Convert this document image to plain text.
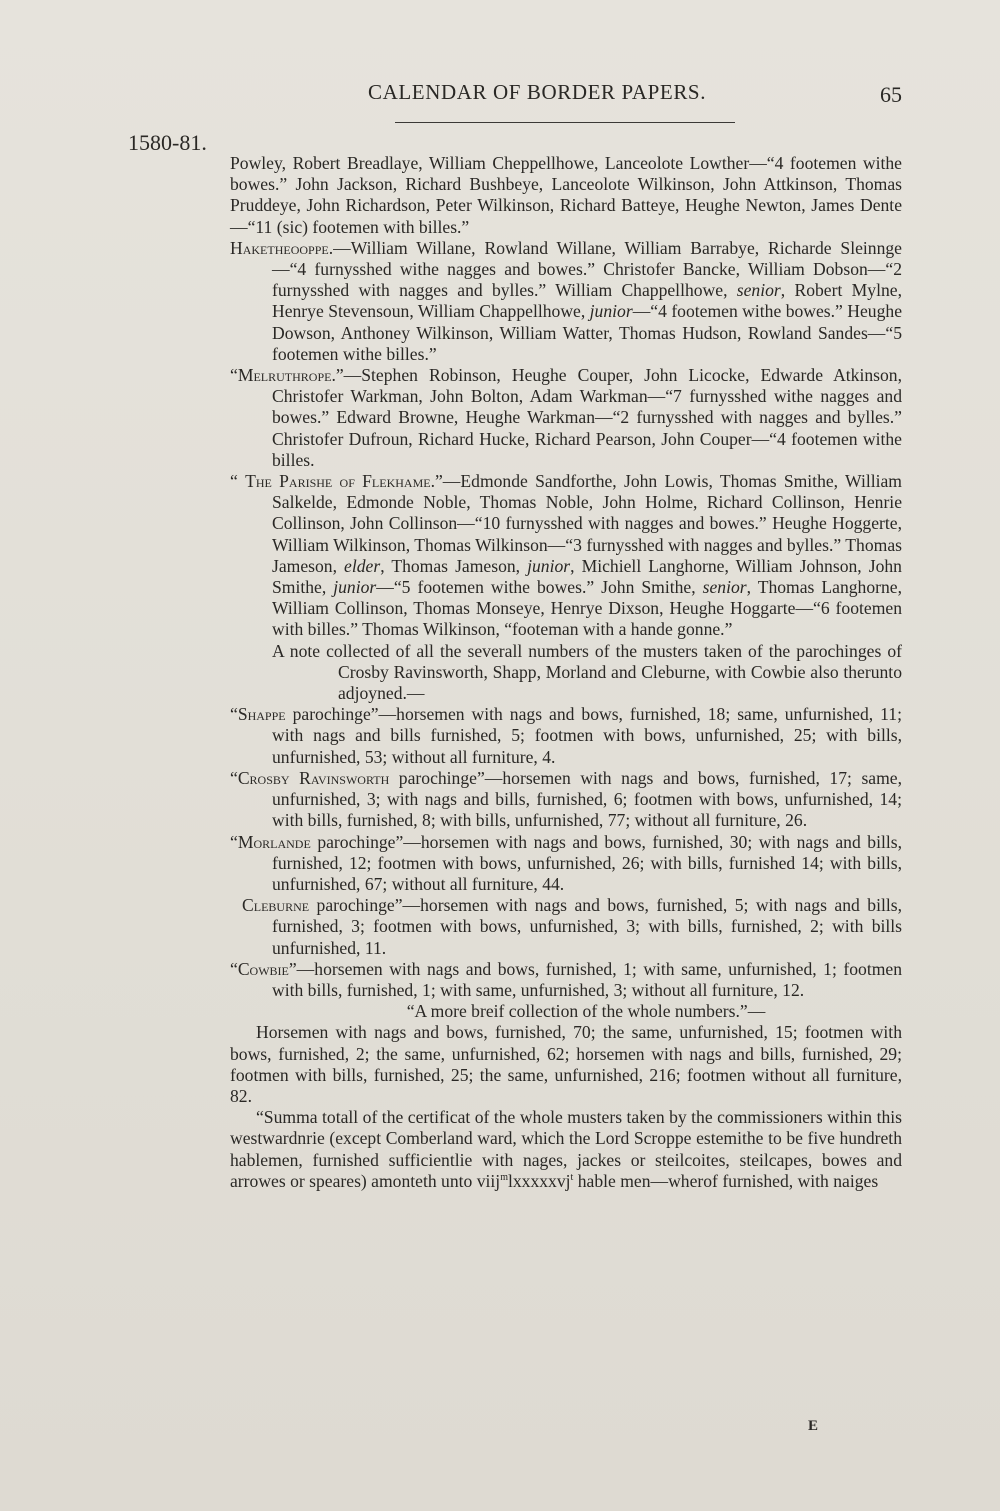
CALENDAR OF BORDER PAPERS.	65
1580-81.

Powley, Robert Breadlaye, William Cheppellhowe, Lanceolote Lowther—“4 footemen withe bowes.” John Jackson, Richard Bushbeye, Lanceolote Wilkinson, John Attkinson, Thomas Pruddeye, John Richardson, Peter Wilkinson, Richard Batteye, Heughe Newton, James Dente—“11 (sic) footemen with billes.”

Haketheooppe.—William Willane, Rowland Willane, William Barrabye, Richarde Sleinnge—“4 furnysshed withe nagges and bowes.” Christofer Bancke, William Dobson—“2 furnysshed with nagges and bylles.” William Chappellhowe, senior, Robert Mylne, Henrye Stevensoun, William Chappellhowe, junior—“4 footemen withe bowes.” Heughe Dowson, Anthoney Wilkinson, William Watter, Thomas Hudson, Rowland Sandes—“5 footemen withe billes.”

“Melruthrope.”—Stephen Robinson, Heughe Couper, John Licocke, Edwarde Atkinson, Christofer Warkman, John Bolton, Adam Warkman—“7 furnysshed withe nagges and bowes.” Edward Browne, Heughe Warkman—“2 furnysshed with nagges and bylles.” Christofer Dufroun, Richard Hucke, Richard Pearson, John Couper—“4 footemen withe billes.

“ The Parishe of Flekhame.”—Edmonde Sandforthe, John Lowis, Thomas Smithe, William Salkelde, Edmonde Noble, Thomas Noble, John Holme, Richard Collinson, Henrie Collinson, John Collinson—“10 furnysshed with nagges and bowes.” Heughe Hoggerte, William Wilkinson, Thomas Wilkinson—“3 furnysshed with nagges and bylles.” Thomas Jameson, elder, Thomas Jameson, junior, Michiell Langhorne, William Johnson, John Smithe, junior—“5 footemen withe bowes.” John Smithe, senior, Thomas Langhorne, William Collinson, Thomas Monseye, Henrye Dixson, Heughe Hoggarte—“6 footemen with billes.” Thomas Wilkinson, “footeman with a hande gonne.”

A note collected of all the severall numbers of the musters taken of the parochinges of Crosby Ravinsworth, Shapp, Morland and Cleburne, with Cowbie also therunto adjoyned.—

“Shappe parochinge”—horsemen with nags and bows, furnished, 18; same, unfurnished, 11; with nags and bills furnished, 5; footmen with bows, unfurnished, 25; with bills, unfurnished, 53; without all furniture, 4.

“Crosby Ravinsworth parochinge”—horsemen with nags and bows, furnished, 17; same, unfurnished, 3; with nags and bills, furnished, 6; footmen with bows, unfurnished, 14; with bills, furnished, 8; with bills, unfurnished, 77; without all furniture, 26.

“Morlande parochinge”—horsemen with nags and bows, furnished, 30; with nags and bills, furnished, 12; footmen with bows, unfurnished, 26; with bills, furnished 14; with bills, unfurnished, 67; without all furniture, 44.

Cleburne parochinge”—horsemen with nags and bows, furnished, 5; with nags and bills, furnished, 3; footmen with bows, unfurnished, 3; with bills, furnished, 2; with bills unfurnished, 11.

“Cowbie”—horsemen with nags and bows, furnished, 1; with same, unfurnished, 1; footmen with bills, furnished, 1; with same, unfurnished, 3; without all furniture, 12.

“A more breif collection of the whole numbers.”—

Horsemen with nags and bows, furnished, 70; the same, unfurnished, 15; footmen with bows, furnished, 2; the same, unfurnished, 62; horsemen with nags and bills, furnished, 29; footmen with bills, furnished, 25; the same, unfurnished, 216; footmen without all furniture, 82.

“Summa totall of the certificat of the whole musters taken by the commissioners within this westwardnrie (except Comberland ward, which the Lord Scroppe estemithe to be five hundreth hablemen, furnished sufficientlie with nages, jackes or steilcoites, steilcapes, bowes and arrowes or speares) amonteth unto viij$^m$lxxxxxvj$^t$ hable men—wherof furnished, with naiges

E
